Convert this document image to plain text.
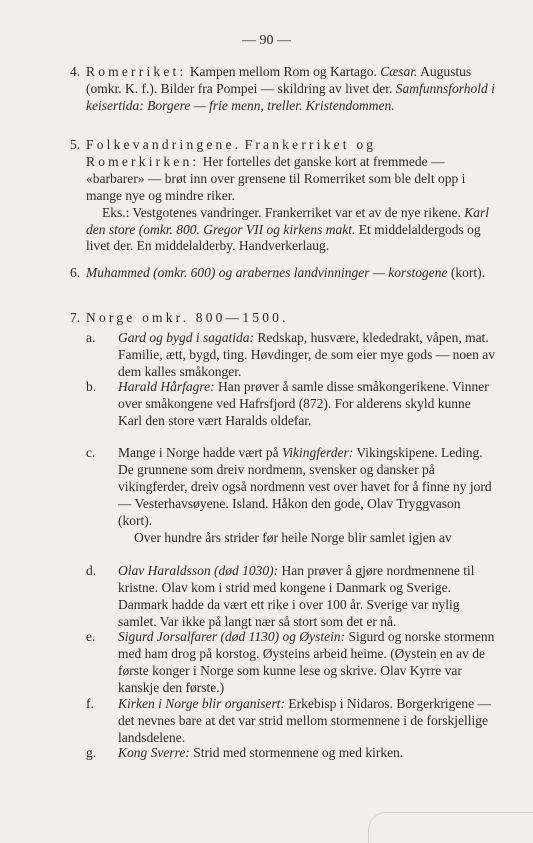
— 90 —

4. Romerriket: Kampen mellom Rom og Kartago. Cæsar. Augustus (omkr. K. f.). Bilder fra Pompei — skildring av livet der. Samfunnsforhold i keisertida: Borgere — frie menn, treller. Kristendommen.

5. Folkevandringene. Frankerriket og Romerkirken: Her fortelles det ganske kort at fremmede — «barbarer» — brøt inn over grensene til Romerriket som ble delt opp i mange nye og mindre riker.
Eks.: Vestgotenes vandringer. Frankerriket var et av de nye rikene. Karl den store (omkr. 800. Gregor VII og kirkens makt. Et middelaldergods og livet der. En middelalderby. Handverkerlaug.

6. Muhammed (omkr. 600) og arabernes landvinninger — korstogene (kort).

7. Norge omkr. 800—1500.

a. Gard og bygd i sagatida: Redskap, husvære, klededrakt, våpen, mat. Familie, ætt, bygd, ting. Høvdinger, de som eier mye gods — noen av dem kalles småkonger.
b. Harald Hårfagre: Han prøver å samle disse småkongerikene. Vinner over småkongene ved Hafrsfjord (872). For alderens skyld kunne Karl den store vært Haralds oldefar.
c. Mange i Norge hadde vært på Vikingferder: Vikingskipene. Leding. De grunnene som dreiv nordmenn, svensker og dansker på vikingferder, dreiv også nordmenn vest over havet for å finne ny jord — Vesterhavsøyene. Island. Håkon den gode, Olav Tryggvason (kort).
Over hundre års strider før heile Norge blir samlet igjen av
d. Olav Haraldsson (død 1030): Han prøver å gjøre nordmennene til kristne. Olav kom i strid med kongene i Danmark og Sverige. Danmark hadde da vært ett rike i over 100 år. Sverige var nylig samlet. Var ikke på langt nær så stort som det er nå.
e. Sigurd Jorsalfarer (død 1130) og Øystein: Sigurd og norske stormenn med ham drog på korstog. Øysteins arbeid heime. (Øystein en av de første konger i Norge som kunne lese og skrive. Olav Kyrre var kanskje den første.)
f. Kirken i Norge blir organisert: Erkebisp i Nidaros. Borgerkrigene — det nevnes bare at det var strid mellom stormennene i de forskjellige landsdelene.
g. Kong Sverre: Strid med stormennene og med kirken.
